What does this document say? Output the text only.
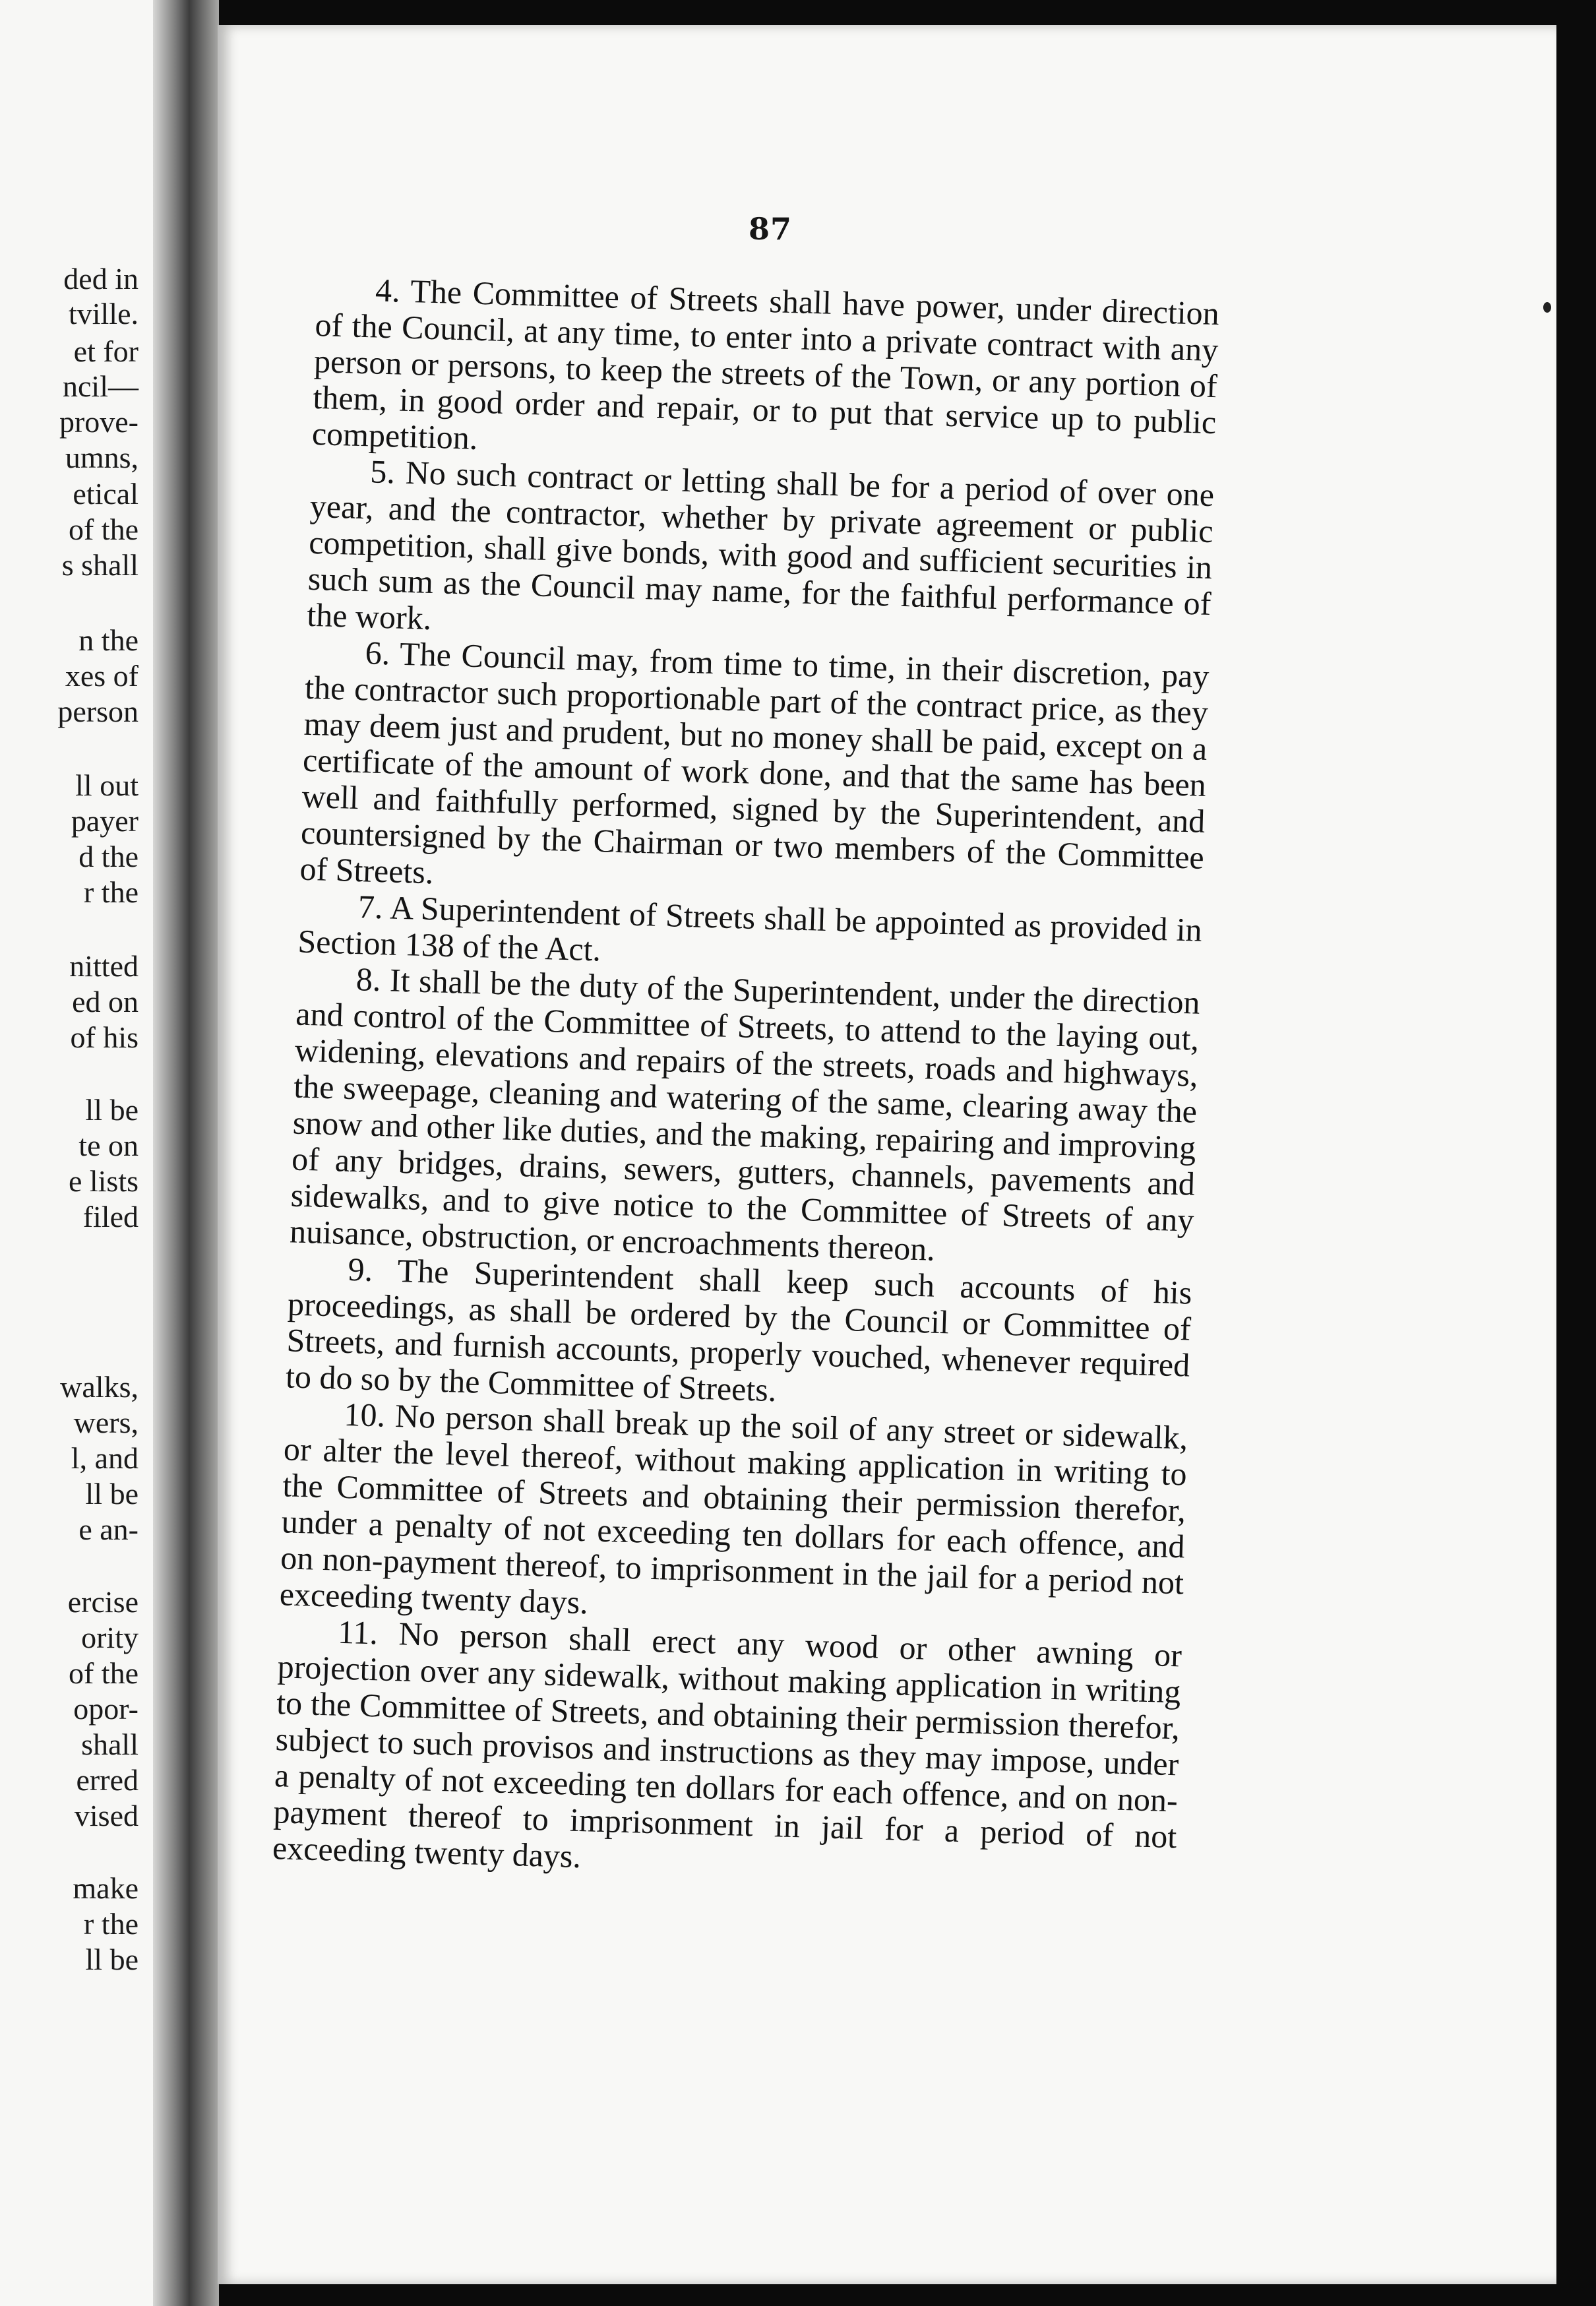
ded in
tville.
et for
ncil—
prove-
umns,
etical
of the
s shall
n the
xes of
person
ll out
payer
d the
r the
nitted
ed on
of his
ll be
te on
e lists
filed
walks,
wers,
l, and
ll be
e an-
ercise
ority
of the
opor-
shall
erred
vised
make
r the
ll be
87

4. The Committee of Streets shall have power, under direction of the Council, at any time, to enter into a private contract with any person or persons, to keep the streets of the Town, or any portion of them, in good order and repair, or to put that service up to public competition.

5. No such contract or letting shall be for a period of over one year, and the contractor, whether by private agreement or public competition, shall give bonds, with good and sufficient securities in such sum as the Council may name, for the faithful performance of the work.

6. The Council may, from time to time, in their discretion, pay the contractor such proportionable part of the contract price, as they may deem just and prudent, but no money shall be paid, except on a certificate of the amount of work done, and that the same has been well and faithfully performed, signed by the Superintendent, and countersigned by the Chairman or two members of the Committee of Streets.

7. A Superintendent of Streets shall be appointed as provided in Section 138 of the Act.

8. It shall be the duty of the Superintendent, under the direction and control of the Committee of Streets, to attend to the laying out, widening, elevations and repairs of the streets, roads and highways, the sweepage, cleaning and watering of the same, clearing away the snow and other like duties, and the making, repairing and improving of any bridges, drains, sewers, gutters, channels, pavements and sidewalks, and to give notice to the Committee of Streets of any nuisance, obstruction, or encroachments thereon.

9. The Superintendent shall keep such accounts of his proceedings, as shall be ordered by the Council or Committee of Streets, and furnish accounts, properly vouched, whenever required to do so by the Committee of Streets.

10. No person shall break up the soil of any street or sidewalk, or alter the level thereof, without making application in writing to the Committee of Streets and obtaining their permission therefor, under a penalty of not exceeding ten dollars for each offence, and on non-payment thereof, to imprisonment in the jail for a period not exceeding twenty days.

11. No person shall erect any wood or other awning or projection over any sidewalk, without making application in writing to the Committee of Streets, and obtaining their permission therefor, subject to such provisos and instructions as they may impose, under a penalty of not exceeding ten dollars for each offence, and on non-payment thereof to imprisonment in jail for a period of not exceeding twenty days.
